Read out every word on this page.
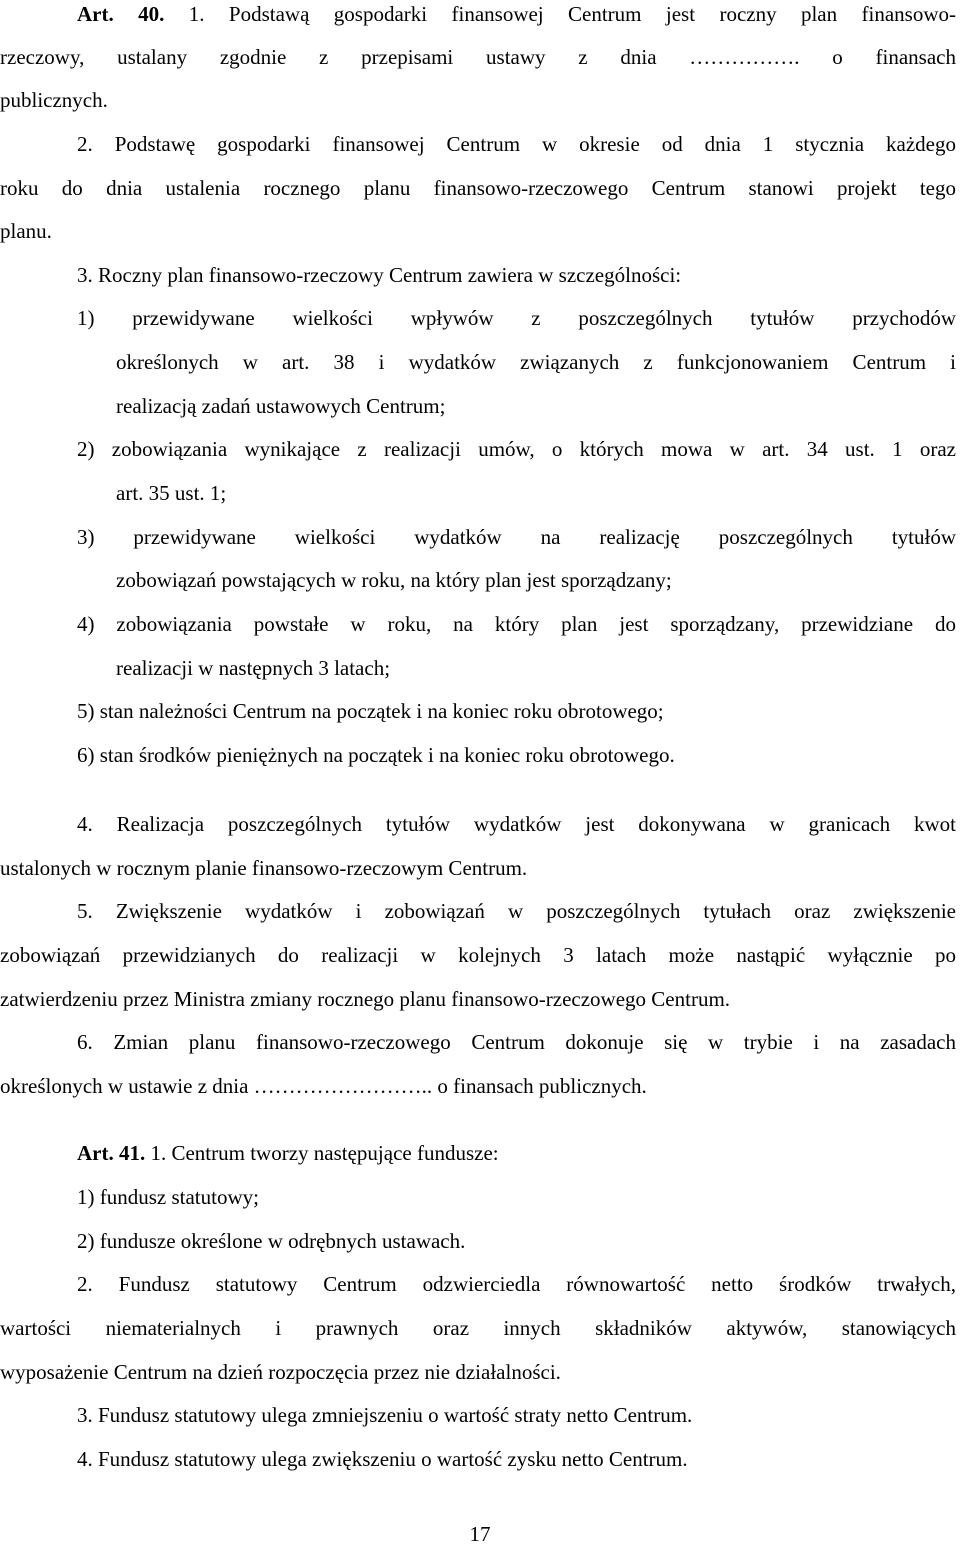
Art. 40. 1. Podstawą gospodarki finansowej Centrum jest roczny plan finansowo-

rzeczowy, ustalany zgodnie z przepisami ustawy z dnia ……………. o finansach

publicznych.

2. Podstawę gospodarki finansowej Centrum w okresie od dnia 1 stycznia każdego

roku do dnia ustalenia rocznego planu finansowo-rzeczowego Centrum stanowi projekt tego

planu.

3. Roczny plan finansowo-rzeczowy Centrum zawiera w szczególności:

1) przewidywane wielkości wpływów z poszczególnych tytułów przychodów

określonych w art. 38 i wydatków związanych z funkcjonowaniem Centrum i

realizacją zadań ustawowych Centrum;

2) zobowiązania wynikające z realizacji umów, o których mowa w art. 34 ust. 1 oraz

art. 35 ust. 1;

3) przewidywane wielkości wydatków na realizację poszczególnych tytułów

zobowiązań powstających w roku, na który plan jest sporządzany;

4) zobowiązania powstałe w roku, na który plan jest sporządzany, przewidziane do

realizacji w następnych 3 latach;

5) stan należności Centrum na początek i na koniec roku obrotowego;

6) stan środków pieniężnych na początek i na koniec roku obrotowego.

4. Realizacja poszczególnych tytułów wydatków jest dokonywana w granicach kwot

ustalonych w rocznym planie finansowo-rzeczowym Centrum.

5. Zwiększenie wydatków i zobowiązań w poszczególnych tytułach oraz zwiększenie

zobowiązań przewidzianych do realizacji w kolejnych 3 latach może nastąpić wyłącznie po

zatwierdzeniu przez Ministra zmiany rocznego planu finansowo-rzeczowego Centrum.

6. Zmian planu finansowo-rzeczowego Centrum dokonuje się w trybie i na zasadach

określonych w ustawie z dnia …………………….. o finansach publicznych.

Art. 41. 1. Centrum tworzy następujące fundusze:

1) fundusz statutowy;

2) fundusze określone w odrębnych ustawach.

2. Fundusz statutowy Centrum odzwierciedla równowartość netto środków trwałych,

wartości niematerialnych i prawnych oraz innych składników aktywów, stanowiących

wyposażenie Centrum na dzień rozpoczęcia przez nie działalności.

3. Fundusz statutowy ulega zmniejszeniu o wartość straty netto Centrum.

4. Fundusz statutowy ulega zwiększeniu o wartość zysku netto Centrum.

17
